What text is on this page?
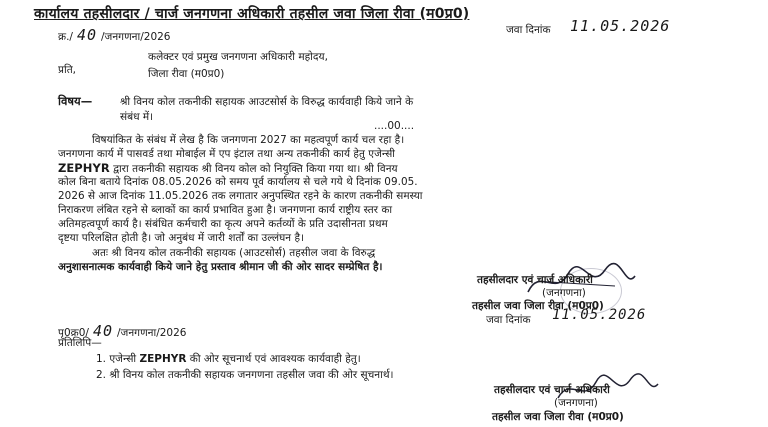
कार्यालय तहसीलदार / चार्ज जनगणना अधिकारी तहसील जवा जिला रीवा (म0प्र0)
जवा दिनांक 11.05.2026
क्र./ 40 /जनगणना/2026
प्रति,
कलेक्टर एवं प्रमुख जनगणना अधिकारी महोदय,
जिला रीवा (म0प्र0)
विषय—	श्री विनय कोल तकनीकी सहायक आउटसोर्स के विरुद्ध कार्यवाही किये जाने के
संबंध में।
....00....
विषयांकित के संबंध में लेख है कि जनगणना 2027 का महत्वपूर्ण कार्य चल रहा है।
जनगणना कार्य में पासवर्ड तथा मोबाईल में एप इंटाल तथा अन्य तकनीकी कार्य हेतु एजेन्सी
ZEPHYR द्वारा तकनीकी सहायक श्री विनय कोल को नियुक्ति किया गया था। श्री विनय
कोल बिना बताये दिनांक 08.05.2026 को समय पूर्व कार्यालय से चले गये थे दिनांक 09.05.
2026 से आज दिनांक 11.05.2026 तक लगातार अनुपस्थित रहने के कारण तकनीकी समस्या
निराकरण लंबित रहने से ब्लाकों का कार्य प्रभावित हुआ है। जनगणना कार्य राष्ट्रीय स्तर का
अतिमहत्वपूर्ण कार्य है। संबंधित कर्मचारी का कृत्य अपने कर्तव्यों के प्रति उदासीनता प्रथम
दृष्टया परिलक्षित होती है। जो अनुबंध में जारी शर्तों का उल्लंघन है।
अतः श्री विनय कोल तकनीकी सहायक (आउटसोर्स) तहसील जवा के विरुद्ध
अनुशासनात्मक कार्यवाही किये जाने हेतु प्रस्ताव श्रीमान जी की ओर सादर सम्प्रेषित है।
तहसीलदार एवं चार्ज अधिकारी
(जनगणना)
तहसील जवा जिला रीवा (म0प्र0)
जवा दिनांक 11.05.2026
पृ0क्र0/ 40 /जनगणना/2026
प्रतिलिपि—
1. एजेन्सी ZEPHYR की ओर सूचनार्थ एवं आवश्यक कार्यवाही हेतु।
2. श्री विनय कोल तकनीकी सहायक जनगणना तहसील जवा की ओर सूचनार्थ।
तहसीलदार एवं चार्ज अधिकारी
(जनगणना)
तहसील जवा जिला रीवा (म0प्र0)
